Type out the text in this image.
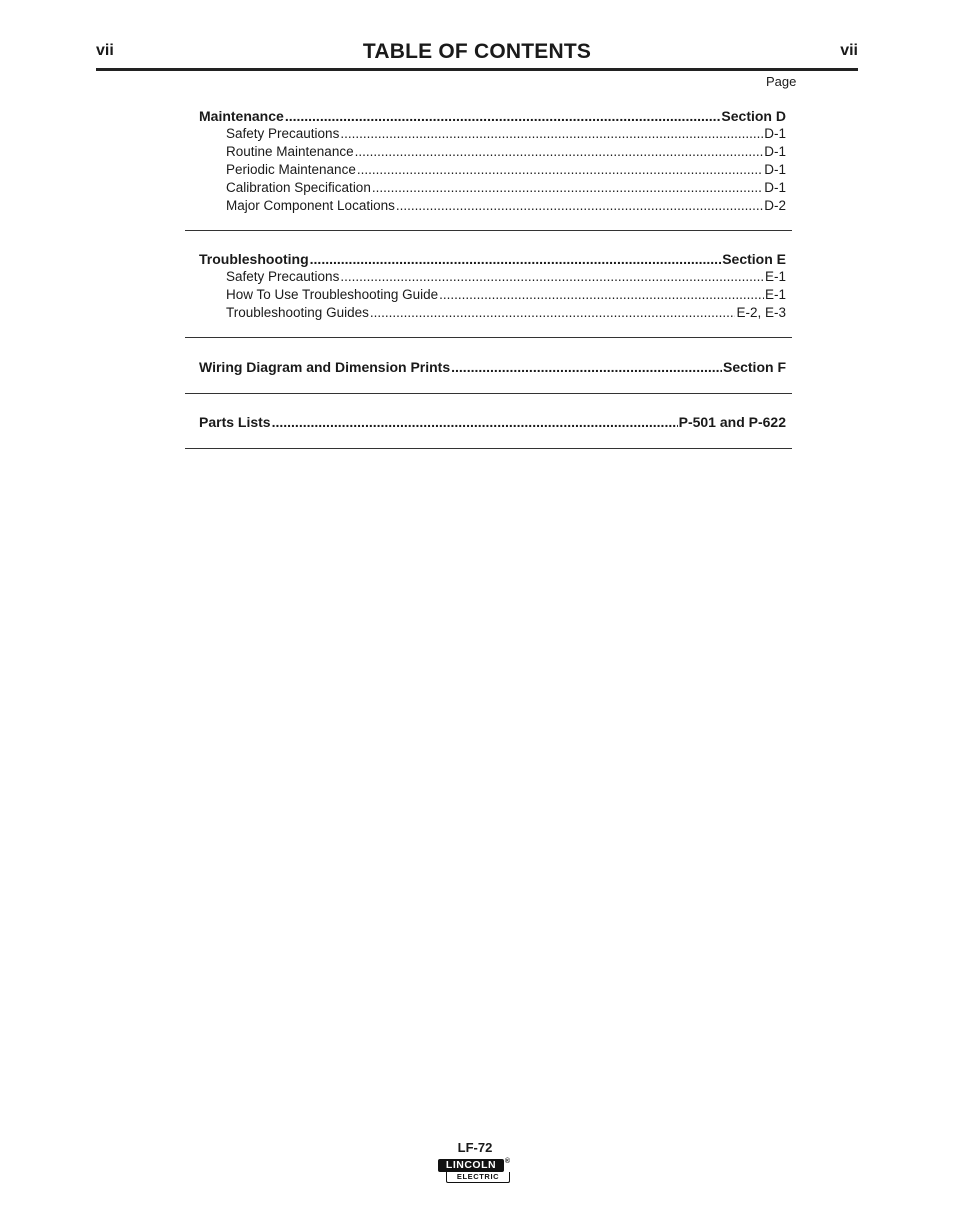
vii	TABLE OF CONTENTS	vii
Page
Maintenance .....	Section D
Safety Precautions .....	D-1
Routine Maintenance .....	D-1
Periodic Maintenance .....	D-1
Calibration Specification .....	D-1
Major Component Locations .....	D-2
Troubleshooting .....	Section E
Safety Precautions .....	E-1
How To Use Troubleshooting Guide .....	E-1
Troubleshooting Guides .....	E-2, E-3
Wiring Diagram and Dimension Prints .....	Section F
Parts Lists .....	P-501 and P-622
LF-72
LINCOLN	®
ELECTRIC
